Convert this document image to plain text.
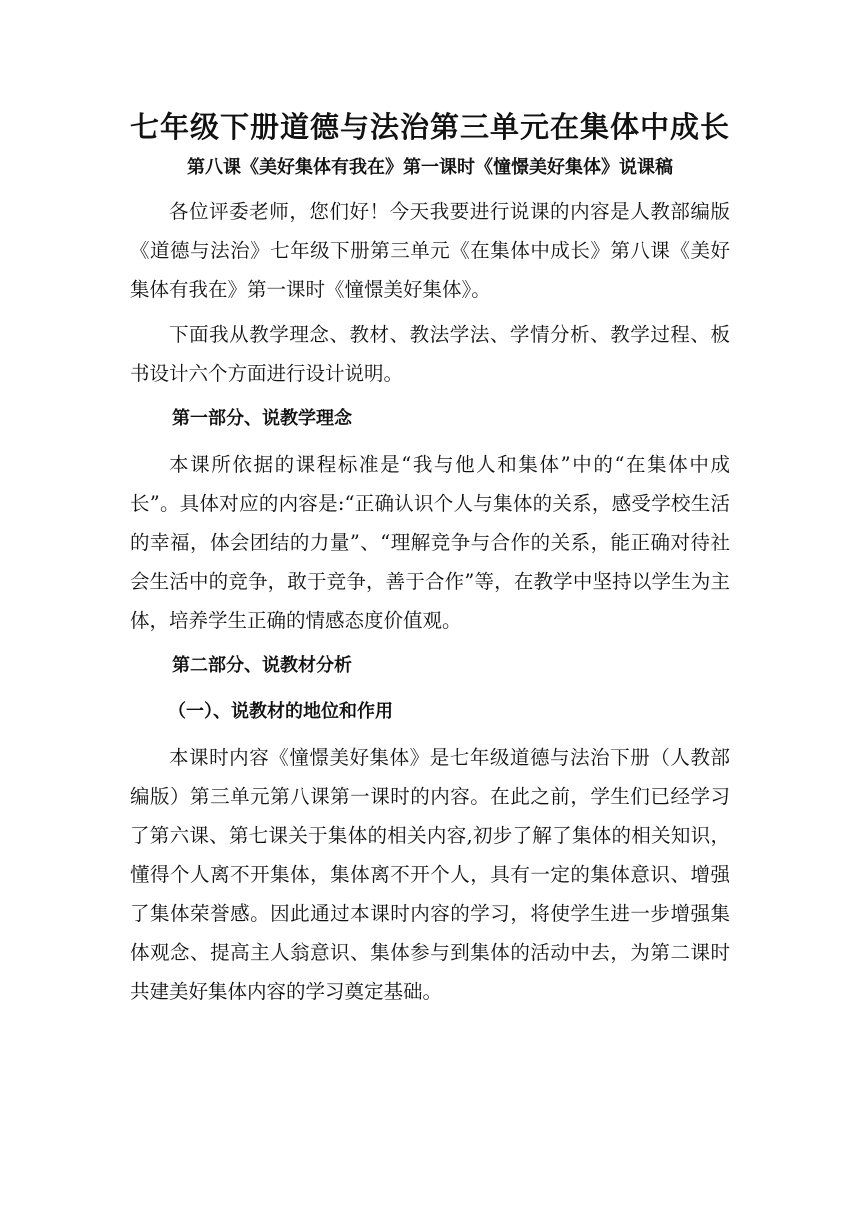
七年级下册道德与法治第三单元在集体中成长
第八课《美好集体有我在》第一课时《憧憬美好集体》说课稿

各位评委老师，您们好！今天我要进行说课的内容是人教部编版《道德与法治》七年级下册第三单元《在集体中成长》第八课《美好集体有我在》第一课时《憧憬美好集体》。

下面我从教学理念、教材、教法学法、学情分析、教学过程、板书设计六个方面进行设计说明。

第一部分、说教学理念

本课所依据的课程标准是“我与他人和集体”中的“在集体中成长”。具体对应的内容是:“正确认识个人与集体的关系，感受学校生活的幸福，体会团结的力量”、“理解竞争与合作的关系，能正确对待社会生活中的竞争，敢于竞争，善于合作”等，在教学中坚持以学生为主体，培养学生正确的情感态度价值观。

第二部分、说教材分析
（一）、说教材的地位和作用

本课时内容《憧憬美好集体》是七年级道德与法治下册（人教部编版）第三单元第八课第一课时的内容。在此之前，学生们已经学习了第六课、第七课关于集体的相关内容,初步了解了集体的相关知识，懂得个人离不开集体，集体离不开个人，具有一定的集体意识、增强了集体荣誉感。因此通过本课时内容的学习，将使学生进一步增强集体观念、提高主人翁意识、集体参与到集体的活动中去，为第二课时共建美好集体内容的学习奠定基础。
